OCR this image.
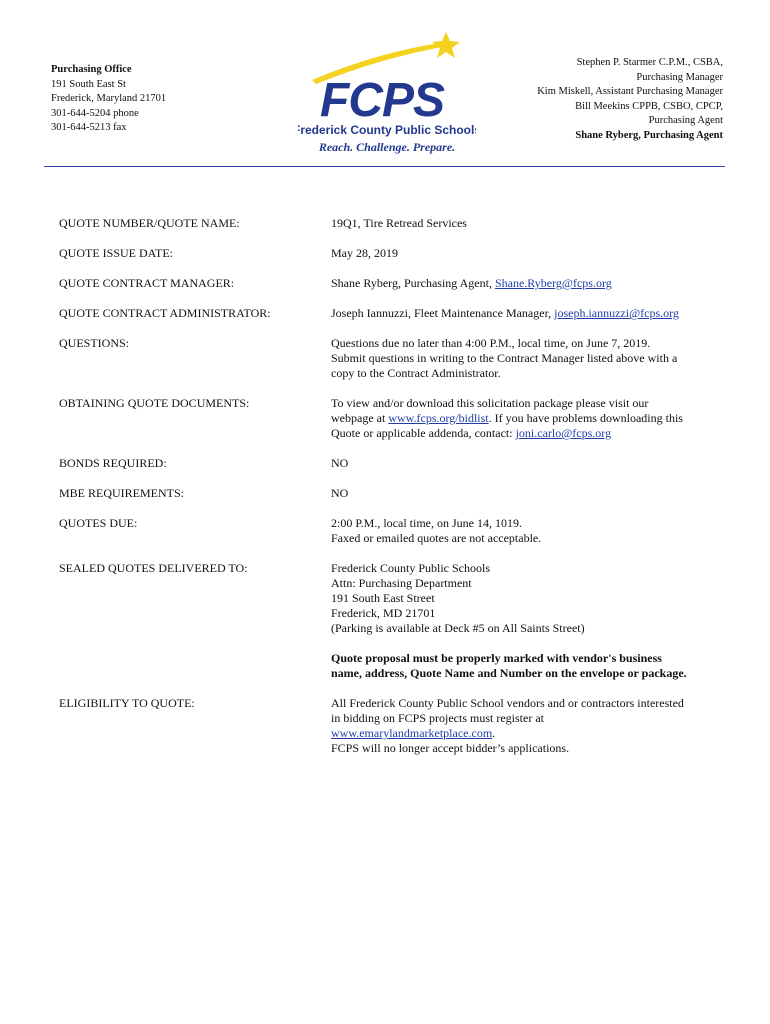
Purchasing Office
191 South East St
Frederick, Maryland 21701
301-644-5204 phone
301-644-5213 fax
FCPS
Frederick County Public Schools
Reach. Challenge. Prepare.
Stephen P. Starmer C.P.M., CSBA,
Purchasing Manager
Kim Miskell, Assistant Purchasing Manager
Bill Meekins CPPB, CSBO, CPCP,
Purchasing Agent
Shane Ryberg, Purchasing Agent
QUOTE NUMBER/QUOTE NAME:	19Q1, Tire Retread Services
QUOTE ISSUE DATE:	May 28, 2019
QUOTE CONTRACT MANAGER:	Shane Ryberg, Purchasing Agent, Shane.Ryberg@fcps.org
QUOTE CONTRACT ADMINISTRATOR:	Joseph Iannuzzi, Fleet Maintenance Manager, joseph.iannuzzi@fcps.org
QUESTIONS:	Questions due no later than 4:00 P.M., local time, on June 7, 2019.
Submit questions in writing to the Contract Manager listed above with a
copy to the Contract Administrator.
OBTAINING QUOTE DOCUMENTS:	To view and/or download this solicitation package please visit our
webpage at www.fcps.org/bidlist. If you have problems downloading this
Quote or applicable addenda, contact: joni.carlo@fcps.org
BONDS REQUIRED:	NO
MBE REQUIREMENTS:	NO
QUOTES DUE:	2:00 P.M., local time, on June 14, 1019.
Faxed or emailed quotes are not acceptable.
SEALED QUOTES DELIVERED TO:	Frederick County Public Schools
Attn: Purchasing Department
191 South East Street
Frederick, MD 21701
(Parking is available at Deck #5 on All Saints Street)
Quote proposal must be properly marked with vendor's business
name, address, Quote Name and Number on the envelope or package.
ELIGIBILITY TO QUOTE:	All Frederick County Public School vendors and or contractors interested
in bidding on FCPS projects must register at
www.emarylandmarketplace.com.
FCPS will no longer accept bidder’s applications.
